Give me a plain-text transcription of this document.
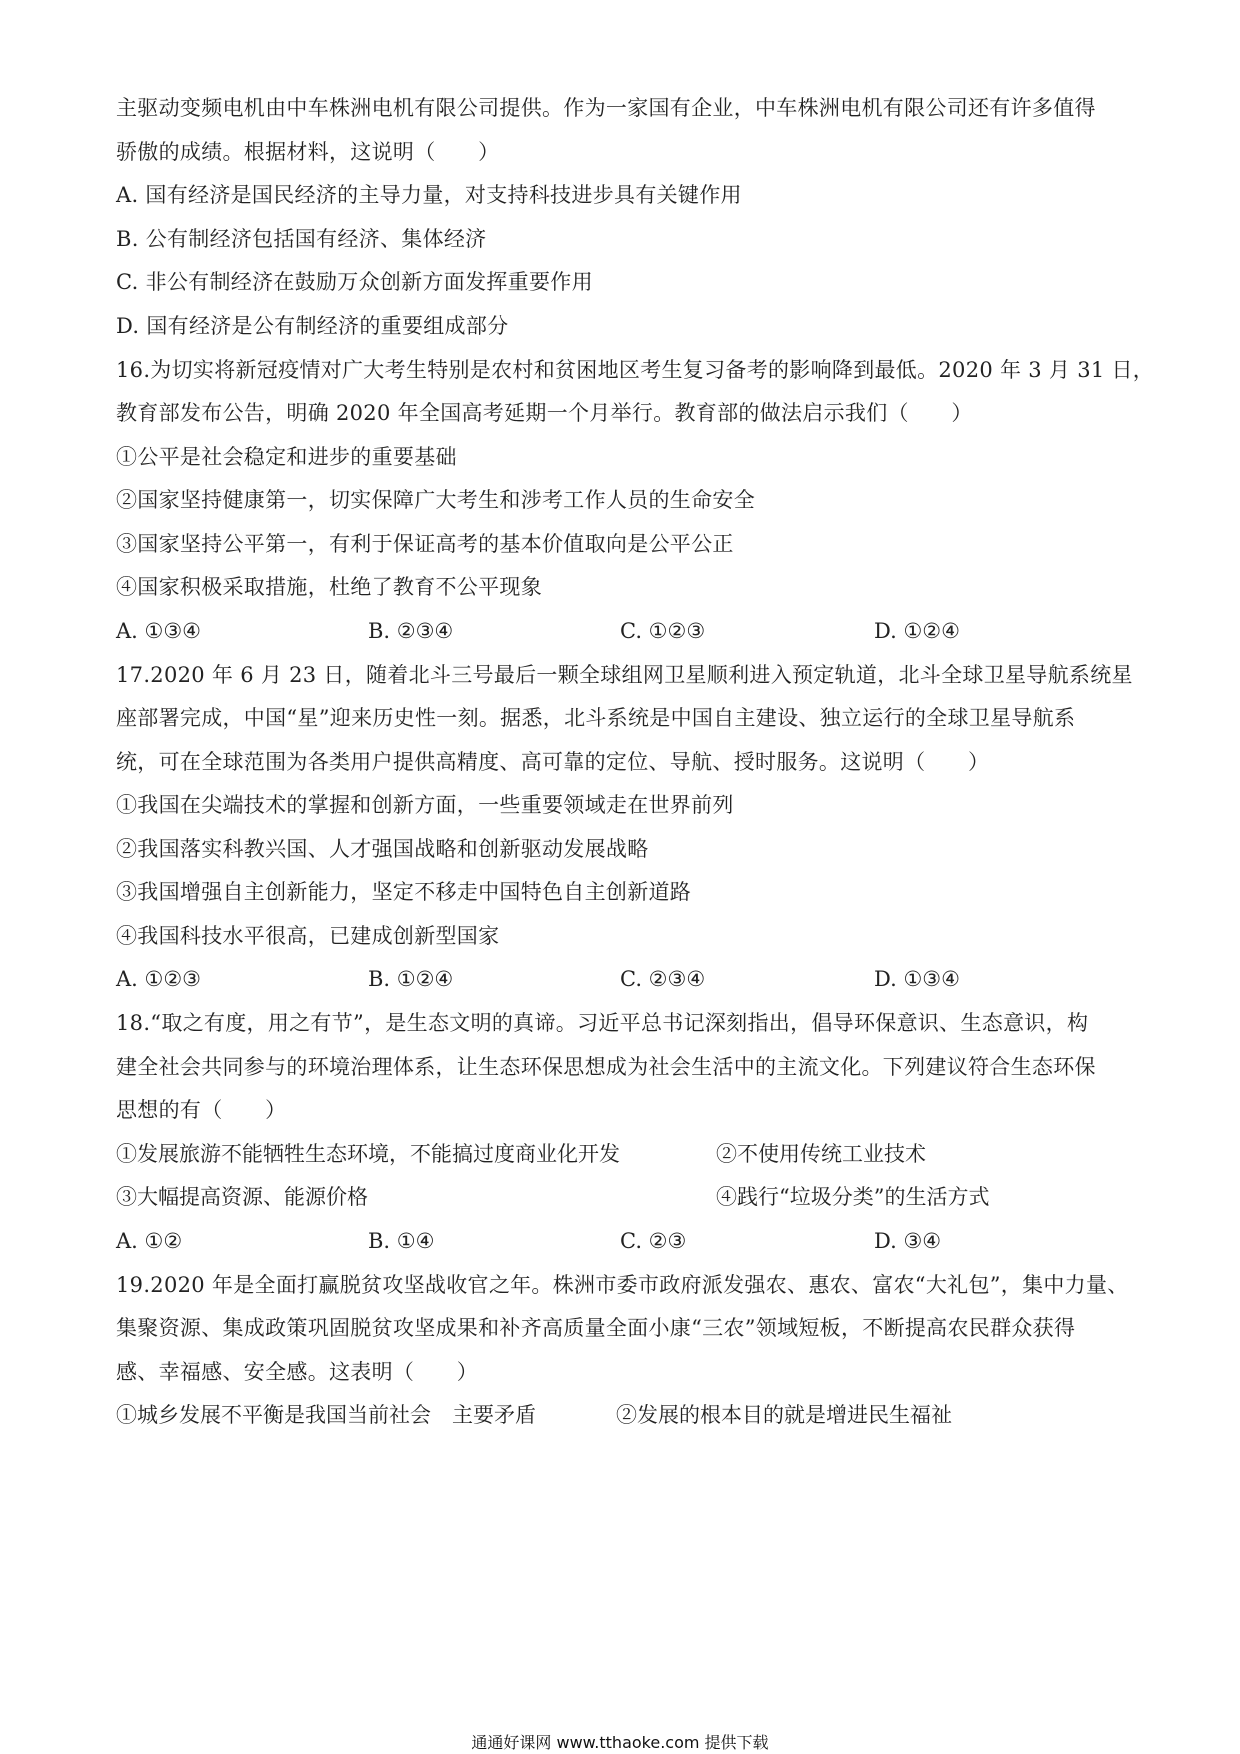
主驱动变频电机由中车株洲电机有限公司提供。作为一家国有企业，中车株洲电机有限公司还有许多值得
骄傲的成绩。根据材料，这说明（　　）
A. 国有经济是国民经济的主导力量，对支持科技进步具有关键作用
B. 公有制经济包括国有经济、集体经济
C. 非公有制经济在鼓励万众创新方面发挥重要作用
D. 国有经济是公有制经济的重要组成部分
16.为切实将新冠疫情对广大考生特别是农村和贫困地区考生复习备考的影响降到最低。2020 年 3 月 31 日，
教育部发布公告，明确 2020 年全国高考延期一个月举行。教育部的做法启示我们（　　）
①公平是社会稳定和进步的重要基础
②国家坚持健康第一，切实保障广大考生和涉考工作人员的生命安全
③国家坚持公平第一，有利于保证高考的基本价值取向是公平公正
④国家积极采取措施，杜绝了教育不公平现象
A. ①③④	B. ②③④	C. ①②③	D. ①②④
17.2020 年 6 月 23 日，随着北斗三号最后一颗全球组网卫星顺利进入预定轨道，北斗全球卫星导航系统星
座部署完成，中国“星”迎来历史性一刻。据悉，北斗系统是中国自主建设、独立运行的全球卫星导航系
统，可在全球范围为各类用户提供高精度、高可靠的定位、导航、授时服务。这说明（　　）
①我国在尖端技术的掌握和创新方面，一些重要领域走在世界前列
②我国落实科教兴国、人才强国战略和创新驱动发展战略
③我国增强自主创新能力，坚定不移走中国特色自主创新道路
④我国科技水平很高，已建成创新型国家
A. ①②③	B. ①②④	C. ②③④	D. ①③④
18.“取之有度，用之有节”，是生态文明的真谛。习近平总书记深刻指出，倡导环保意识、生态意识，构
建全社会共同参与的环境治理体系，让生态环保思想成为社会生活中的主流文化。下列建议符合生态环保
思想的有（　　）
①发展旅游不能牺牲生态环境，不能搞过度商业化开发	②不使用传统工业技术
③大幅提高资源、能源价格	④践行“垃圾分类”的生活方式
A. ①②	B. ①④	C. ②③	D. ③④
19.2020 年是全面打赢脱贫攻坚战收官之年。株洲市委市政府派发强农、惠农、富农“大礼包”，集中力量、
集聚资源、集成政策巩固脱贫攻坚成果和补齐高质量全面小康“三农”领域短板，不断提高农民群众获得
感、幸福感、安全感。这表明（　　）
①城乡发展不平衡是我国当前社会　主要矛盾	②发展的根本目的就是增进民生福祉
通通好课网 www.tthaoke.com 提供下载
